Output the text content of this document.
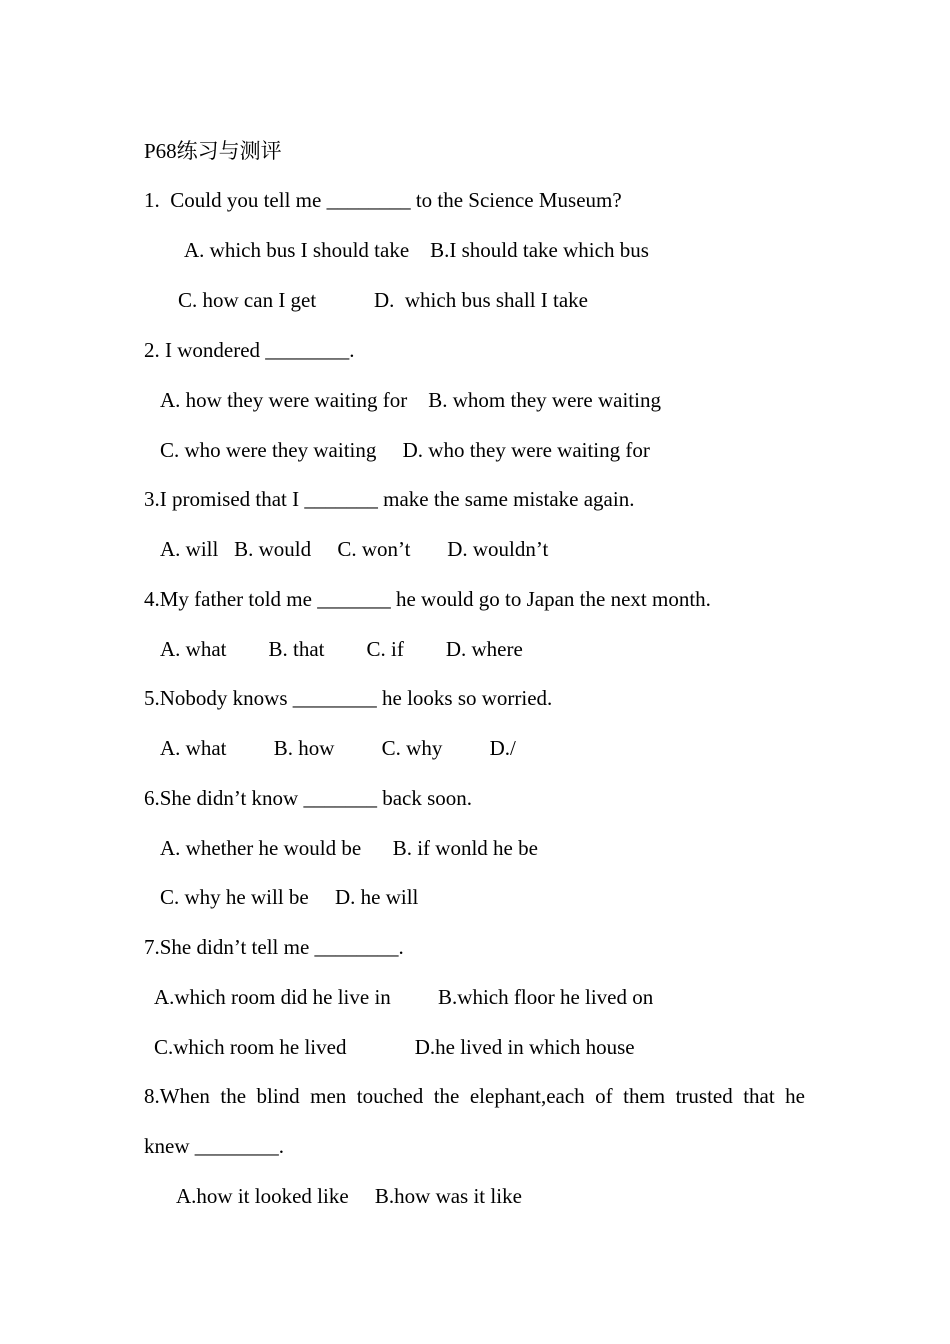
P68练习与测评
1.  Could you tell me ________ to the Science Museum?
A. which bus I should take    B.I should take which bus
C. how can I get           D.  which bus shall I take
2. I wondered ________.
A. how they were waiting for    B. whom they were waiting
C. who were they waiting     D. who they were waiting for
3.I promised that I _______ make the same mistake again.
A. will   B. would     C. won’t       D. wouldn’t
4.My father told me _______ he would go to Japan the next month.
A. what        B. that        C. if        D. where
5.Nobody knows ________ he looks so worried.
A. what         B. how         C. why         D./
6.She didn’t know _______ back soon.
A. whether he would be      B. if wonld he be
C. why he will be     D. he will
7.She didn’t tell me ________.
A.which room did he live in         B.which floor he lived on
C.which room he lived             D.he lived in which house
8.When the blind men touched the elephant,each of them trusted that he
knew ________.
A.how it looked like     B.how was it like
